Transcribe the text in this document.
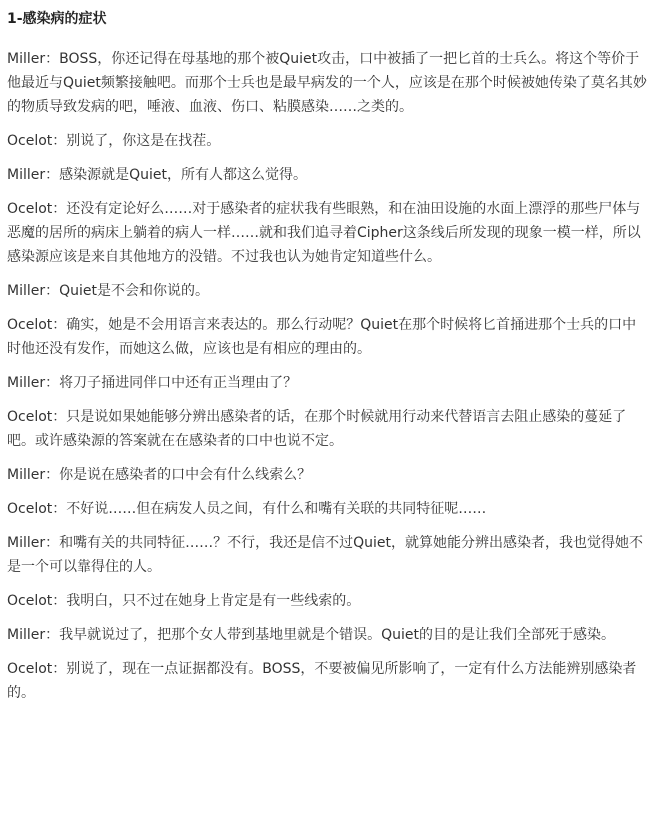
1-感染病的症状

Miller：BOSS，你还记得在母基地的那个被Quiet攻击，口中被插了一把匕首的士兵么。将这个等价于他最近与Quiet频繁接触吧。而那个士兵也是最早病发的一个人，应该是在那个时候被她传染了莫名其妙的物质导致发病的吧，唾液、血液、伤口、粘膜感染……之类的。

Ocelot：别说了，你这是在找茬。

Miller：感染源就是Quiet，所有人都这么觉得。

Ocelot：还没有定论好么……对于感染者的症状我有些眼熟，和在油田设施的水面上漂浮的那些尸体与恶魔的居所的病床上躺着的病人一样……就和我们追寻着Cipher这条线后所发现的现象一模一样，所以感染源应该是来自其他地方的没错。不过我也认为她肯定知道些什么。

Miller：Quiet是不会和你说的。

Ocelot：确实，她是不会用语言来表达的。那么行动呢？Quiet在那个时候将匕首捅进那个士兵的口中时他还没有发作，而她这么做，应该也是有相应的理由的。

Miller：将刀子捅进同伴口中还有正当理由了？

Ocelot：只是说如果她能够分辨出感染者的话，在那个时候就用行动来代替语言去阻止感染的蔓延了吧。或许感染源的答案就在在感染者的口中也说不定。

Miller：你是说在感染者的口中会有什么线索么？

Ocelot：不好说……但在病发人员之间，有什么和嘴有关联的共同特征呢……

Miller：和嘴有关的共同特征……？不行，我还是信不过Quiet，就算她能分辨出感染者，我也觉得她不是一个可以靠得住的人。

Ocelot：我明白，只不过在她身上肯定是有一些线索的。

Miller：我早就说过了，把那个女人带到基地里就是个错误。Quiet的目的是让我们全部死于感染。

Ocelot：别说了，现在一点证据都没有。BOSS，不要被偏见所影响了，一定有什么方法能辨别感染者的。
